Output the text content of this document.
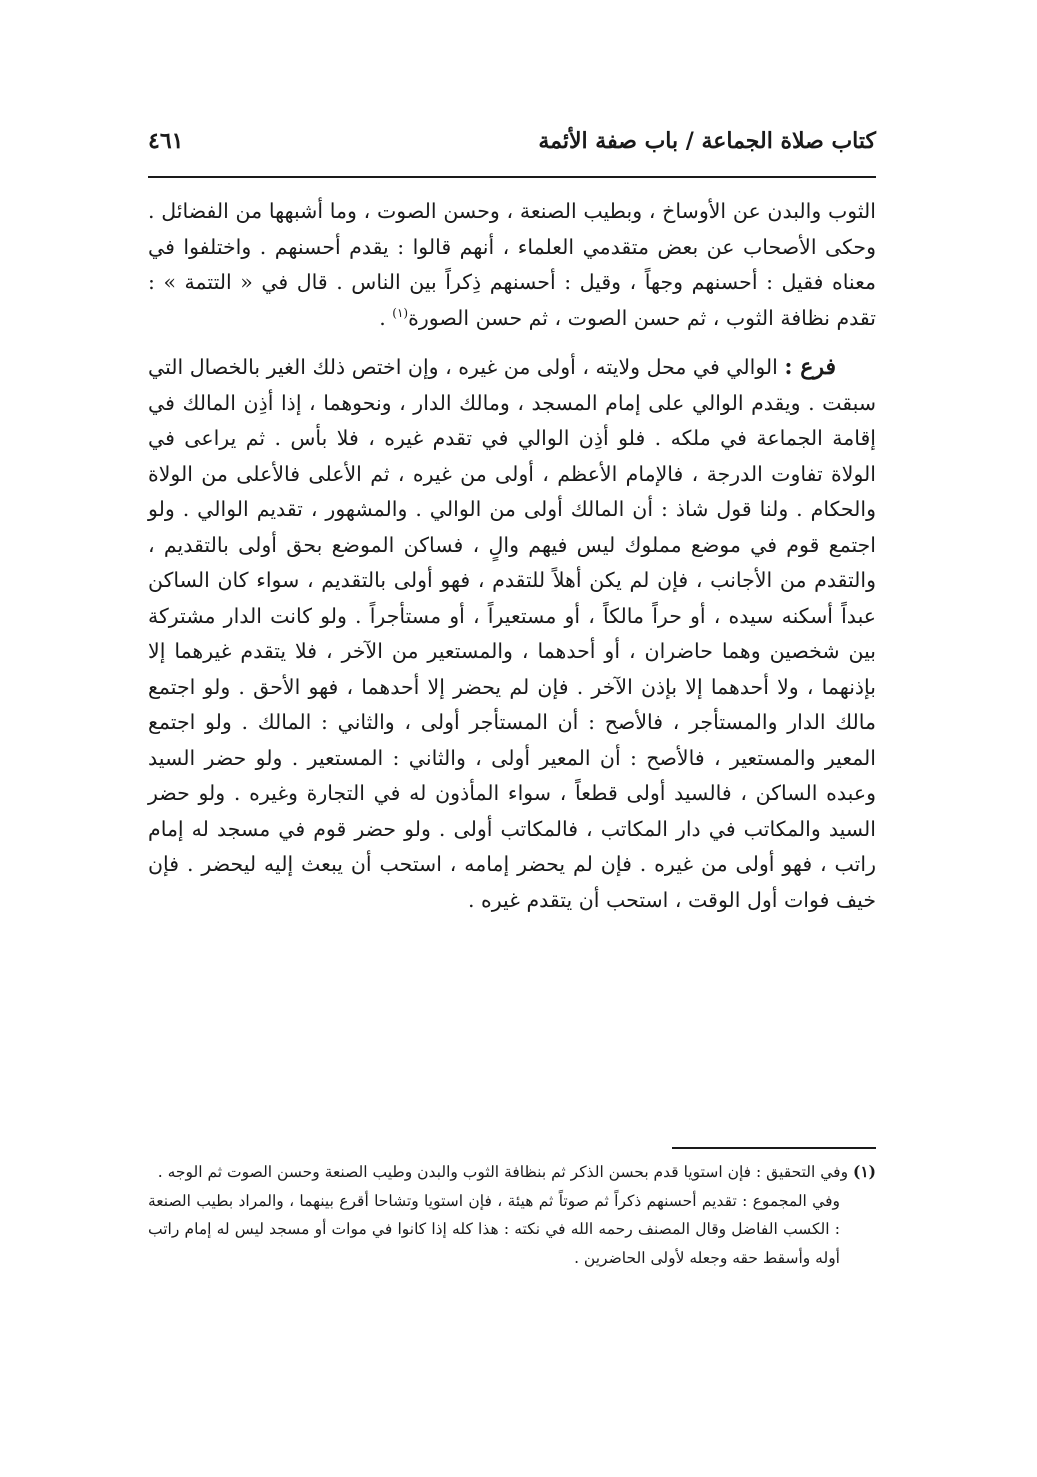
كتاب صلاة الجماعة / باب صفة الأئمة
٤٦١

الثوب والبدن عن الأوساخ ، وبطيب الصنعة ، وحسن الصوت ، وما أشبهها من الفضائل . وحكى الأصحاب عن بعض متقدمي العلماء ، أنهم قالوا : يقدم أحسنهم . واختلفوا في معناه فقيل : أحسنهم وجهاً ، وقيل : أحسنهم ذِكراً بين الناس . قال في « التتمة » : تقدم نظافة الثوب ، ثم حسن الصوت ، ثم حسن الصورة$^{(١)}$ .

فرع : الوالي في محل ولايته ، أولى من غيره ، وإن اختص ذلك الغير بالخصال التي سبقت . ويقدم الوالي على إمام المسجد ، ومالك الدار ، ونحوهما ، إذا أذِن المالك في إقامة الجماعة في ملكه . فلو أذِن الوالي في تقدم غيره ، فلا بأس . ثم يراعى في الولاة تفاوت الدرجة ، فالإمام الأعظم ، أولى من غيره ، ثم الأعلى فالأعلى من الولاة والحكام . ولنا قول شاذ : أن المالك أولى من الوالي . والمشهور ، تقديم الوالي . ولو اجتمع قوم في موضع مملوك ليس فيهم والٍ ، فساكن الموضع بحق أولى بالتقديم ، والتقدم من الأجانب ، فإن لم يكن أهلاً للتقدم ، فهو أولى بالتقديم ، سواء كان الساكن عبداً أسكنه سيده ، أو حراً مالكاً ، أو مستعيراً ، أو مستأجراً . ولو كانت الدار مشتركة بين شخصين وهما حاضران ، أو أحدهما ، والمستعير من الآخر ، فلا يتقدم غيرهما إلا بإذنهما ، ولا أحدهما إلا بإذن الآخر . فإن لم يحضر إلا أحدهما ، فهو الأحق . ولو اجتمع مالك الدار والمستأجر ، فالأصح : أن المستأجر أولى ، والثاني : المالك . ولو اجتمع المعير والمستعير ، فالأصح : أن المعير أولى ، والثاني : المستعير . ولو حضر السيد وعبده الساكن ، فالسيد أولى قطعاً ، سواء المأذون له في التجارة وغيره . ولو حضر السيد والمكاتب في دار المكاتب ، فالمكاتب أولى . ولو حضر قوم في مسجد له إمام راتب ، فهو أولى من غيره . فإن لم يحضر إمامه ، استحب أن يبعث إليه ليحضر . فإن خيف فوات أول الوقت ، استحب أن يتقدم غيره .

(١) وفي التحقيق : فإن استويا قدم بحسن الذكر ثم بنظافة الثوب والبدن وطيب الصنعة وحسن الصوت ثم الوجه .

وفي المجموع : تقديم أحسنهم ذكراً ثم صوتاً ثم هيئة ، فإن استويا وتشاحا أقرع بينهما ، والمراد بطيب الصنعة : الكسب الفاضل وقال المصنف رحمه الله في نكته : هذا كله إذا كانوا في موات أو مسجد ليس له إمام راتب أوله وأسقط حقه وجعله لأولى الحاضرين .
